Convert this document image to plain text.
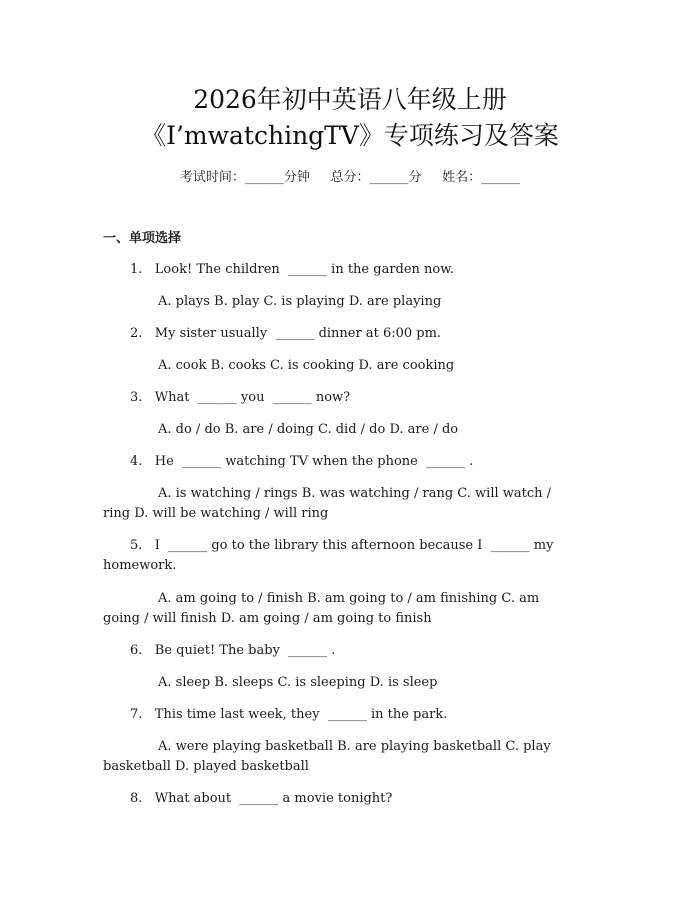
2026年初中英语八年级上册
《I’mwatchingTV》专项练习及答案
考试时间：______分钟     总分：______分     姓名：______
一、单项选择
1.   Look! The children  ______ in the garden now.
A. plays B. play C. is playing D. are playing
2.   My sister usually  ______ dinner at 6:00 pm.
A. cook B. cooks C. is cooking D. are cooking
3.   What  ______ you  ______ now?
A. do / do B. are / doing C. did / do D. are / do
4.   He  ______ watching TV when the phone  ______ .
A. is watching / rings B. was watching / rang C. will watch /
ring D. will be watching / will ring
5.   I  ______ go to the library this afternoon because I  ______ my
homework.
A. am going to / finish B. am going to / am finishing C. am
going / will finish D. am going / am going to finish
6.   Be quiet! The baby  ______ .
A. sleep B. sleeps C. is sleeping D. is sleep
7.   This time last week, they  ______ in the park.
A. were playing basketball B. are playing basketball C. play
basketball D. played basketball
8.   What about  ______ a movie tonight?
